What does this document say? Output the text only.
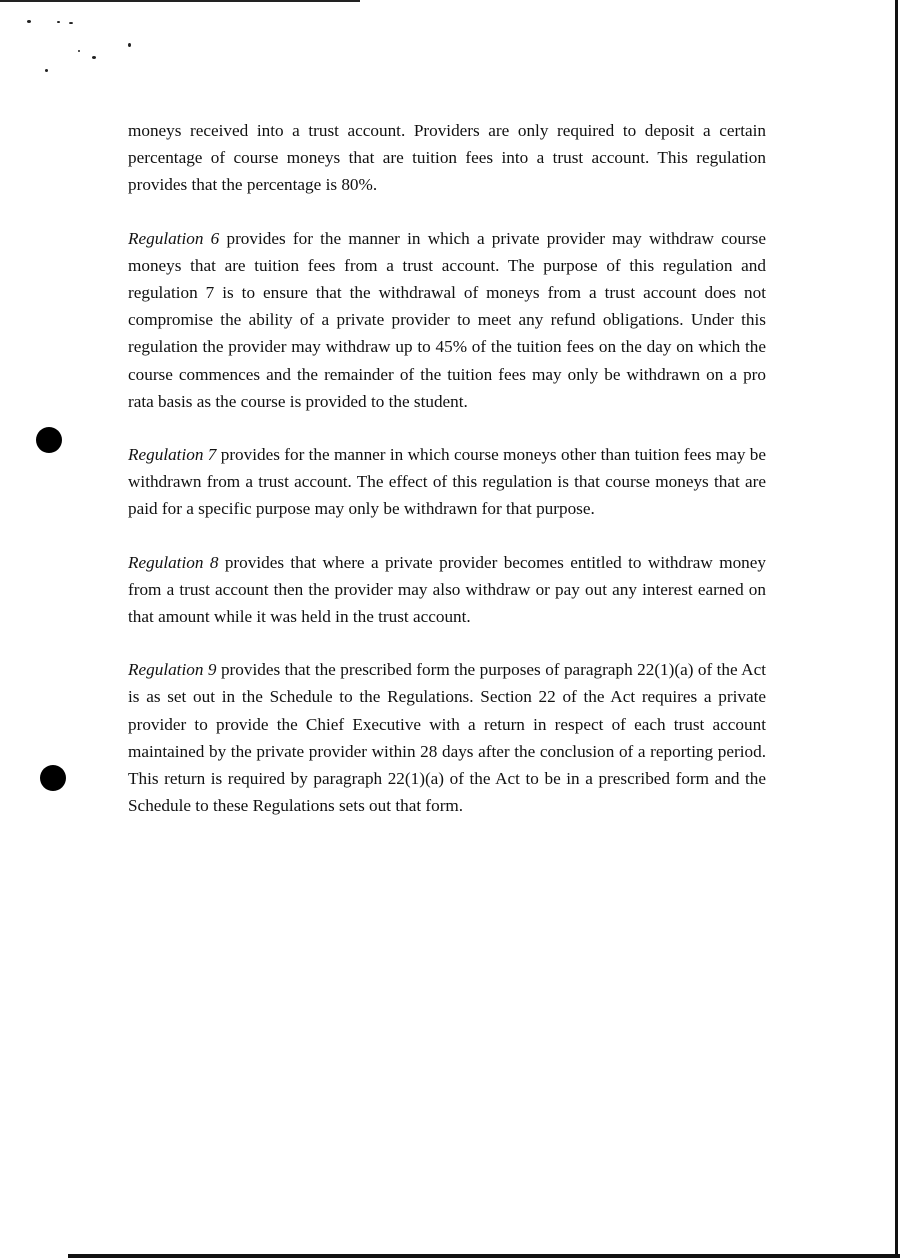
moneys received into a trust account. Providers are only required to deposit a certain percentage of course moneys that are tuition fees into a trust account. This regulation provides that the percentage is 80%.

Regulation 6 provides for the manner in which a private provider may withdraw course moneys that are tuition fees from a trust account. The purpose of this regulation and regulation 7 is to ensure that the withdrawal of moneys from a trust account does not compromise the ability of a private provider to meet any refund obligations. Under this regulation the provider may withdraw up to 45% of the tuition fees on the day on which the course commences and the remainder of the tuition fees may only be withdrawn on a pro rata basis as the course is provided to the student.

Regulation 7 provides for the manner in which course moneys other than tuition fees may be withdrawn from a trust account. The effect of this regulation is that course moneys that are paid for a specific purpose may only be withdrawn for that purpose.

Regulation 8 provides that where a private provider becomes entitled to withdraw money from a trust account then the provider may also withdraw or pay out any interest earned on that amount while it was held in the trust account.

Regulation 9 provides that the prescribed form the purposes of paragraph 22(1)(a) of the Act is as set out in the Schedule to the Regulations. Section 22 of the Act requires a private provider to provide the Chief Executive with a return in respect of each trust account maintained by the private provider within 28 days after the conclusion of a reporting period. This return is required by paragraph 22(1)(a) of the Act to be in a prescribed form and the Schedule to these Regulations sets out that form.
